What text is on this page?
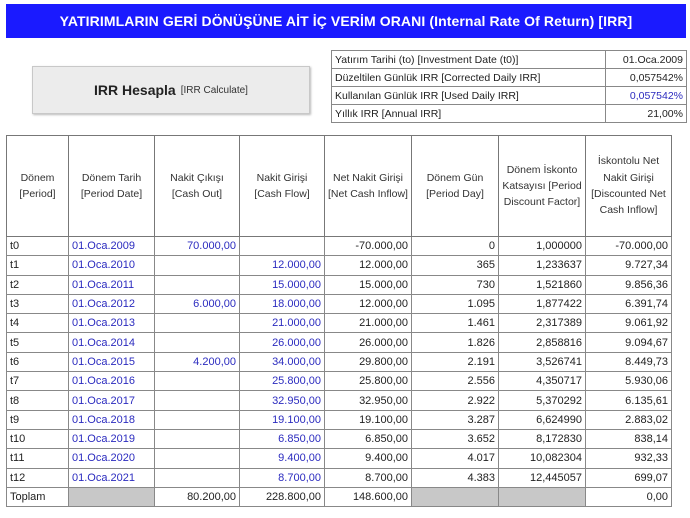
YATIRIMLARIN GERİ DÖNÜŞÜNE AİT İÇ VERİM ORANI (Internal Rate Of Return) [IRR]
IRR Hesapla [IRR Calculate]
Yatırım Tarihi (to) [Investment Date (t0)]	01.Oca.2009
Düzeltilen Günlük IRR [Corrected Daily IRR]	0,057542%
Kullanılan Günlük IRR [Used Daily IRR]	0,057542%
Yıllık IRR [Annual IRR]	21,00%
Dönem [Period]	Dönem Tarih [Period Date]	Nakit Çıkışı [Cash Out]	Nakit Girişi [Cash Flow]	Net Nakit Girişi [Net Cash Inflow]	Dönem Gün [Period Day]	Dönem İskonto Katsayısı [Period Discount Factor]	İskontolu Net Nakit Girişi [Discounted Net Cash Inflow]
t0	01.Oca.2009	70.000,00		-70.000,00	0	1,000000	-70.000,00
t1	01.Oca.2010		12.000,00	12.000,00	365	1,233637	9.727,34
t2	01.Oca.2011		15.000,00	15.000,00	730	1,521860	9.856,36
t3	01.Oca.2012	6.000,00	18.000,00	12.000,00	1.095	1,877422	6.391,74
t4	01.Oca.2013		21.000,00	21.000,00	1.461	2,317389	9.061,92
t5	01.Oca.2014		26.000,00	26.000,00	1.826	2,858816	9.094,67
t6	01.Oca.2015	4.200,00	34.000,00	29.800,00	2.191	3,526741	8.449,73
t7	01.Oca.2016		25.800,00	25.800,00	2.556	4,350717	5.930,06
t8	01.Oca.2017		32.950,00	32.950,00	2.922	5,370292	6.135,61
t9	01.Oca.2018		19.100,00	19.100,00	3.287	6,624990	2.883,02
t10	01.Oca.2019		6.850,00	6.850,00	3.652	8,172830	838,14
t11	01.Oca.2020		9.400,00	9.400,00	4.017	10,082304	932,33
t12	01.Oca.2021		8.700,00	8.700,00	4.383	12,445057	699,07
Toplam		80.200,00	228.800,00	148.600,00			0,00
